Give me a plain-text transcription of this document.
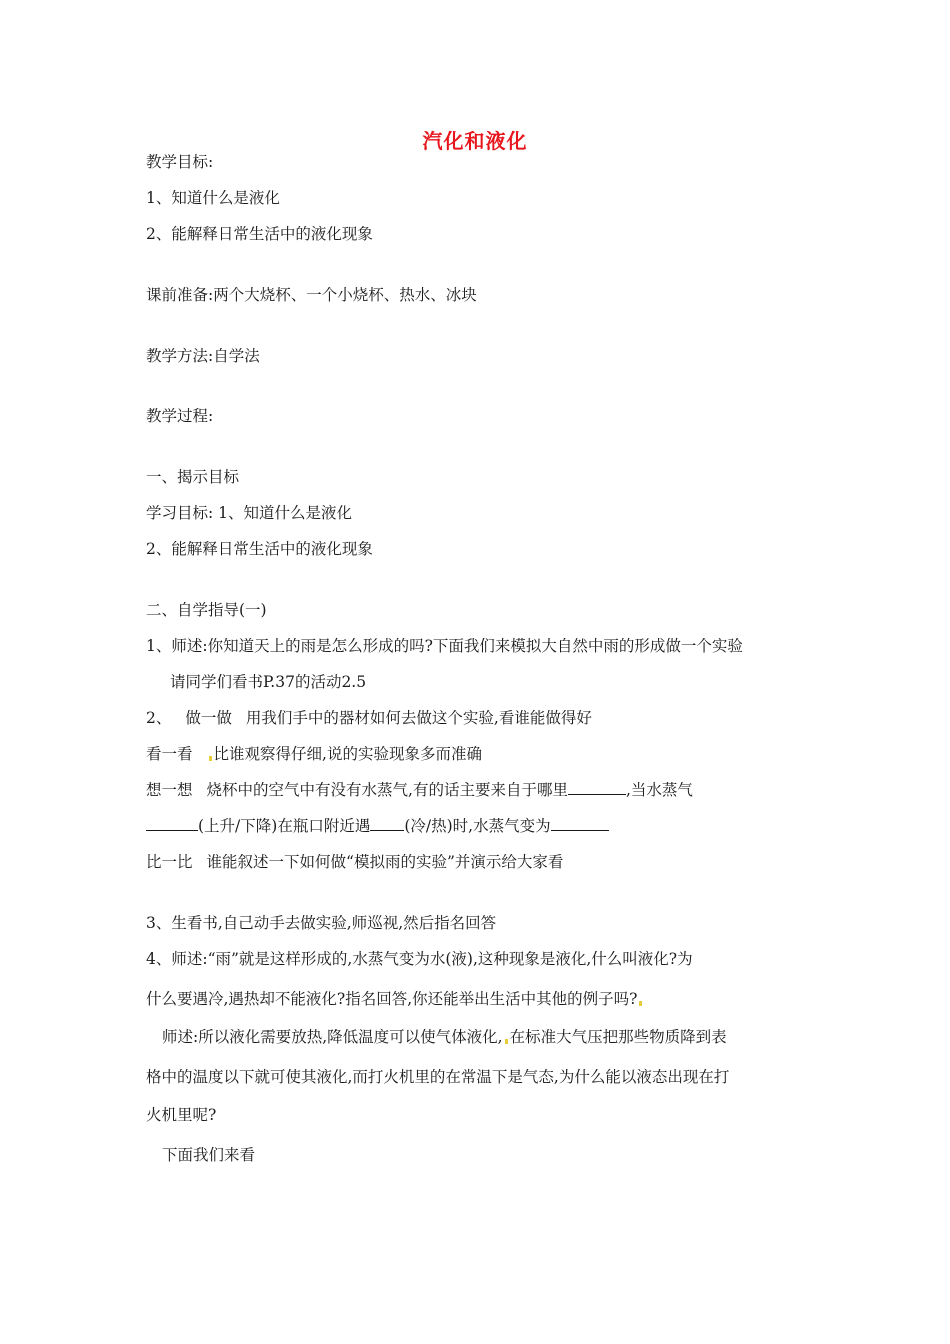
汽化和液化
教学目标:
1、知道什么是液化
2、能解释日常生活中的液化现象
课前准备:两个大烧杯、一个小烧杯、热水、冰块
教学方法:自学法
教学过程:
一、揭示目标
学习目标: 1、知道什么是液化
2、能解释日常生活中的液化现象
二、自学指导(一)
1、师述:你知道天上的雨是怎么形成的吗?下面我们来模拟大自然中雨的形成做一个实验
请同学们看书P.37的活动2.5
2、 做一做 用我们手中的器材如何去做这个实验,看谁能做得好
看一看 比谁观察得仔细,说的实验现象多而准确
想一想 烧杯中的空气中有没有水蒸气,有的话主要来自于哪里	,当水蒸气
(上升/下降)在瓶口附近遇 (冷/热)时,水蒸气变为
比一比 谁能叙述一下如何做“模拟雨的实验”并演示给大家看
3、生看书,自己动手去做实验,师巡视,然后指名回答
4、师述:“雨”就是这样形成的,水蒸气变为水(液),这种现象是液化,什么叫液化?为
什么要遇冷,遇热却不能液化?指名回答,你还能举出生活中其他的例子吗?
师述:所以液化需要放热,降低温度可以使气体液化, 在标准大气压把那些物质降到表
格中的温度以下就可使其液化,而打火机里的在常温下是气态,为什么能以液态出现在打
火机里呢?
下面我们来看
